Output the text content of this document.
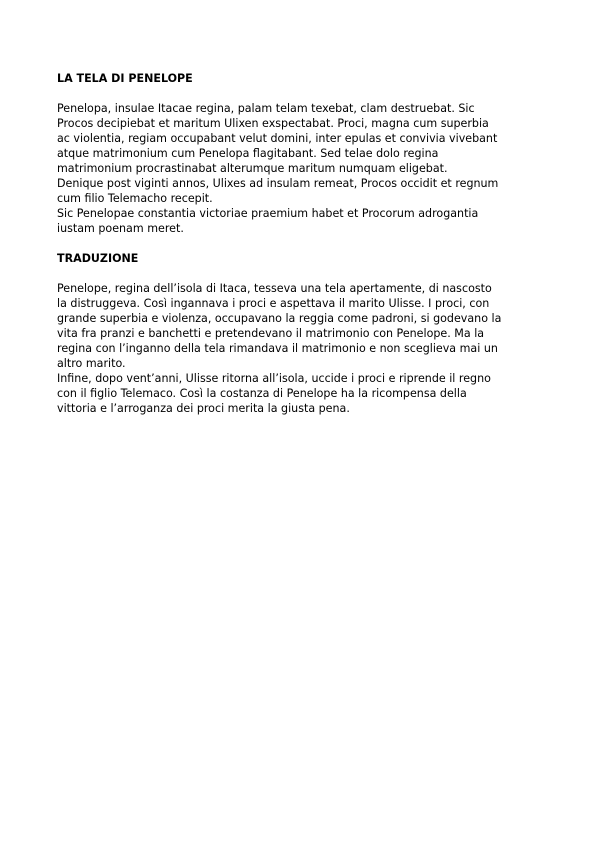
LA TELA DI PENELOPE
Penelopa, insulae Itacae regina, palam telam texebat, clam destruebat. Sic
Procos decipiebat et maritum Ulixen exspectabat. Proci, magna cum superbia
ac violentia, regiam occupabant velut domini, inter epulas et convivia vivebant
atque matrimonium cum Penelopa flagitabant. Sed telae dolo regina
matrimonium procrastinabat alterumque maritum numquam eligebat.
Denique post viginti annos, Ulixes ad insulam remeat, Procos occidit et regnum
cum filio Telemacho recepit.
Sic Penelopae constantia victoriae praemium habet et Procorum adrogantia
iustam poenam meret.
TRADUZIONE
Penelope, regina dell’isola di Itaca, tesseva una tela apertamente, di nascosto
la distruggeva. Così ingannava i proci e aspettava il marito Ulisse. I proci, con
grande superbia e violenza, occupavano la reggia come padroni, si godevano la
vita fra pranzi e banchetti e pretendevano il matrimonio con Penelope. Ma la
regina con l’inganno della tela rimandava il matrimonio e non sceglieva mai un
altro marito.
Infine, dopo vent’anni, Ulisse ritorna all’isola, uccide i proci e riprende il regno
con il figlio Telemaco. Così la costanza di Penelope ha la ricompensa della
vittoria e l’arroganza dei proci merita la giusta pena.
